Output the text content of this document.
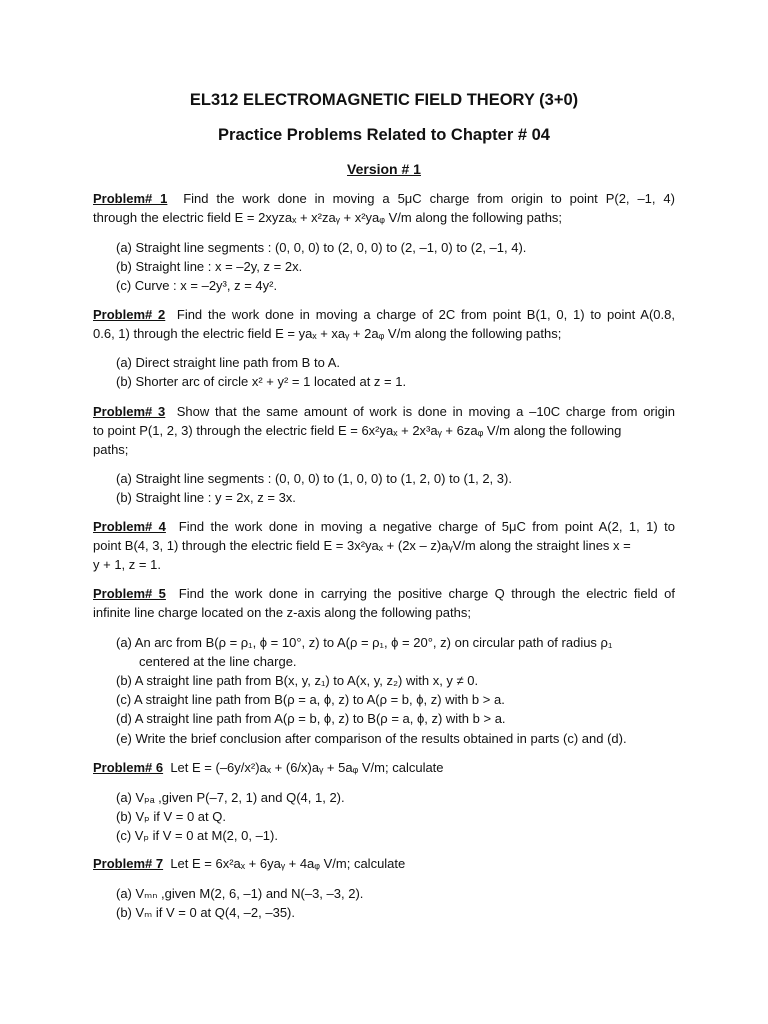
EL312 ELECTROMAGNETIC FIELD THEORY (3+0)
Practice Problems Related to Chapter # 04
Version # 1
Problem# 1 Find the work done in moving a 5μC charge from origin to point P(2, –1, 4)
through the electric field E = 2xyzaₓ + x²zaᵧ + x²yaᵩ V/m along the following paths;
(a) Straight line segments : (0, 0, 0) to (2, 0, 0) to (2, –1, 0) to (2, –1, 4).
(b) Straight line : x = –2y, z = 2x.
(c) Curve : x = –2y³, z = 4y².
Problem# 2 Find the work done in moving a charge of 2C from point B(1, 0, 1) to point A(0.8,
0.6, 1) through the electric field E = yaₓ + xaᵧ + 2aᵩ V/m along the following paths;
(a) Direct straight line path from B to A.
(b) Shorter arc of circle x² + y² = 1 located at z = 1.
Problem# 3 Show that the same amount of work is done in moving a –10C charge from origin
to point P(1, 2, 3) through the electric field E = 6x²yaₓ + 2x³aᵧ + 6zaᵩ V/m along the following
paths;
(a) Straight line segments : (0, 0, 0) to (1, 0, 0) to (1, 2, 0) to (1, 2, 3).
(b) Straight line : y = 2x, z = 3x.
Problem# 4 Find the work done in moving a negative charge of 5μC from point A(2, 1, 1) to
point B(4, 3, 1) through the electric field E = 3x²yaₓ + (2x – z)aᵧV/m along the straight lines x =
y + 1, z = 1.
Problem# 5 Find the work done in carrying the positive charge Q through the electric field of
infinite line charge located on the z-axis along the following paths;
(a) An arc from B(ρ = ρ₁, ϕ = 10°, z) to A(ρ = ρ₁, ϕ = 20°, z) on circular path of radius ρ₁
centered at the line charge.
(b) A straight line path from B(x, y, z₁) to A(x, y, z₂) with x, y ≠ 0.
(c) A straight line path from B(ρ = a, ϕ, z) to A(ρ = b, ϕ, z) with b > a.
(d) A straight line path from A(ρ = b, ϕ, z) to B(ρ = a, ϕ, z) with b > a.
(e) Write the brief conclusion after comparison of the results obtained in parts (c) and (d).
Problem# 6 Let E = (–6y/x²)aₓ + (6/x)aᵧ + 5aᵩ V/m; calculate
(a) Vₚₐ ,given P(–7, 2, 1) and Q(4, 1, 2).
(b) Vₚ if V = 0 at Q.
(c) Vₚ if V = 0 at M(2, 0, –1).
Problem# 7 Let E = 6x²aₓ + 6yaᵧ + 4aᵩ V/m; calculate
(a) Vₘₙ ,given M(2, 6, –1) and N(–3, –3, 2).
(b) Vₘ if V = 0 at Q(4, –2, –35).
